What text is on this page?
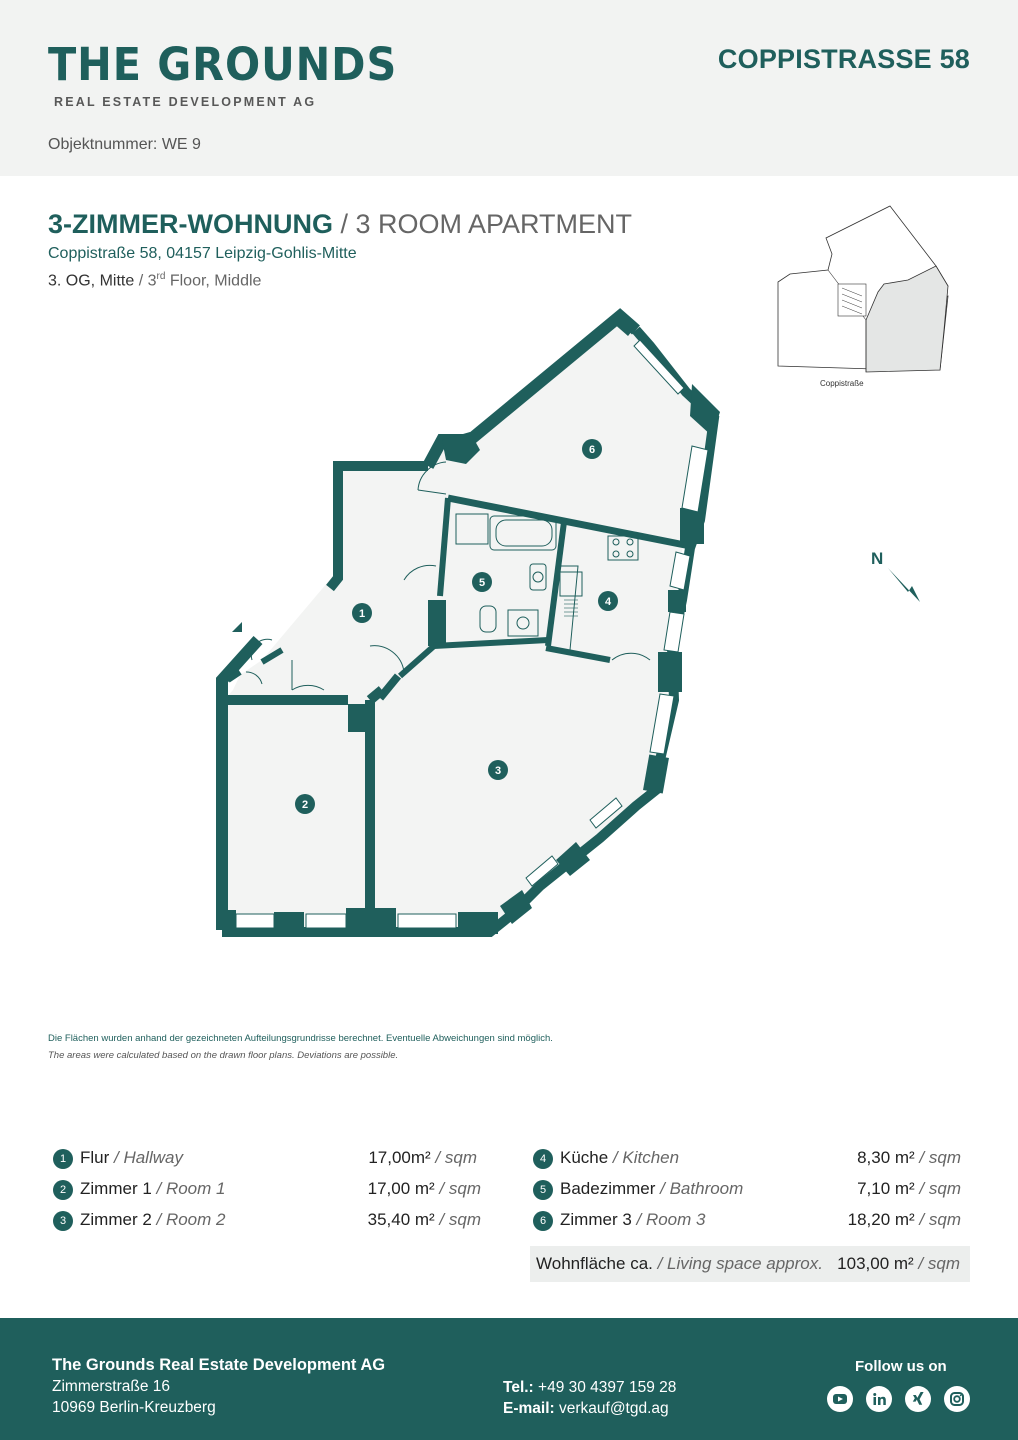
THE GROUNDS
REAL ESTATE DEVELOPMENT AG
COPPISTRASSE 58
Objektnummer: WE 9
3-ZIMMER-WOHNUNG / 3 ROOM APARTMENT
Coppistraße 58, 04157 Leipzig-Gohlis-Mitte
3. OG, Mitte / 3rd Floor, Middle
Coppistraße
N
1
2
3
4
5
6
Die Flächen wurden anhand der gezeichneten Aufteilungsgrundrisse berechnet. Eventuelle Abweichungen sind möglich.
The areas were calculated based on the drawn floor plans. Deviations are possible.
1 Flur / Hallway	17,00m² / sqm
2 Zimmer 1 / Room 1	17,00 m² / sqm
3 Zimmer 2 / Room 2	35,40 m² / sqm
4 Küche / Kitchen	8,30 m² / sqm
5 Badezimmer / Bathroom	7,10 m² / sqm
6 Zimmer 3 / Room 3	18,20 m² / sqm
Wohnfläche ca. / Living space approx. 103,00 m² / sqm
The Grounds Real Estate Development AG
Zimmerstraße 16
10969 Berlin-Kreuzberg
Tel.: +49 30 4397 159 28
E-mail: verkauf@tgd.ag
Follow us on
